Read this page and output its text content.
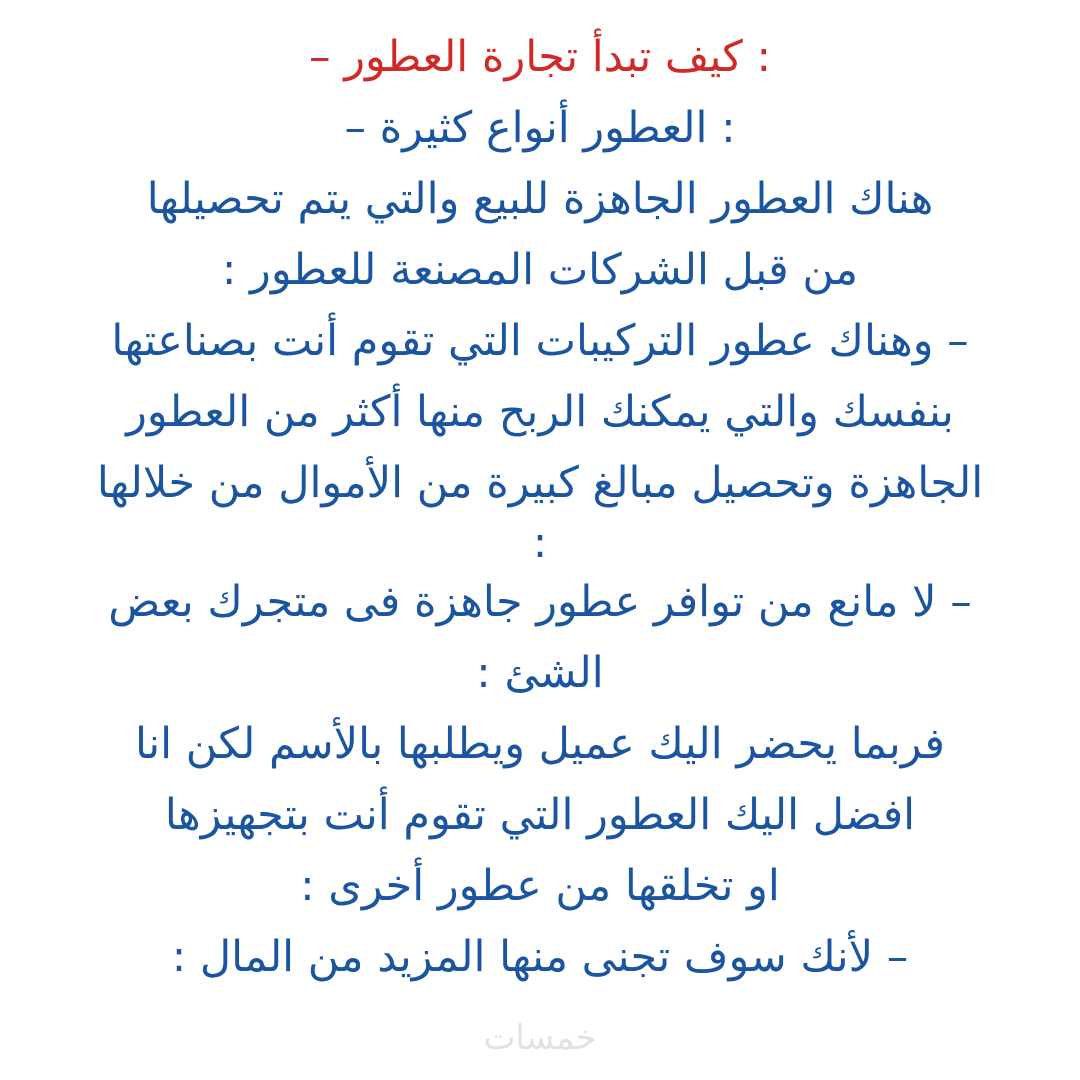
: كيف تبدأ تجارة العطور –
: العطور أنواع كثيرة –
هناك العطور الجاهزة للبيع والتي يتم تحصيلها
من قبل الشركات المصنعة للعطور :
– وهناك عطور التركيبات التي تقوم أنت بصناعتها
بنفسك والتي يمكنك الربح منها أكثر من العطور
الجاهزة وتحصيل مبالغ كبيرة من الأموال من خلالها
:
– لا مانع من توافر عطور جاهزة فى متجرك بعض
الشئ :
فربما يحضر اليك عميل ويطلبها بالأسم لكن انا
افضل اليك العطور التي تقوم أنت بتجهيزها
او تخلقها من عطور أخرى :
– لأنك سوف تجنى منها المزيد من المال :
خمسات
